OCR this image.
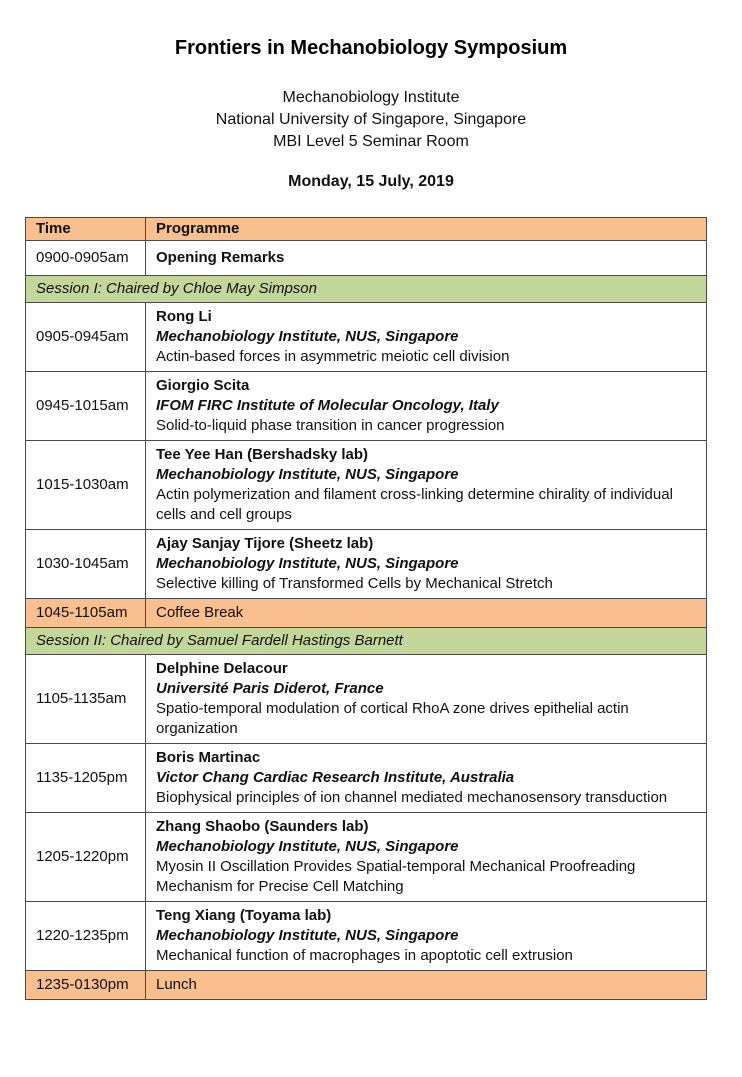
Frontiers in Mechanobiology Symposium
Mechanobiology Institute
National University of Singapore, Singapore
MBI Level 5 Seminar Room
Monday, 15 July, 2019
Time	Programme
0900-0905am	Opening Remarks
Session I: Chaired by Chloe May Simpson	
0905-0945am	Rong Li
Mechanobiology Institute, NUS, Singapore
Actin-based forces in asymmetric meiotic cell division

0945-1015am	Giorgio Scita
IFOM FIRC Institute of Molecular Oncology, Italy
Solid-to-liquid phase transition in cancer progression

1015-1030am	Tee Yee Han (Bershadsky lab)
Mechanobiology Institute, NUS, Singapore
Actin polymerization and filament cross-linking determine chirality of individual cells and cell groups

1030-1045am	Ajay Sanjay Tijore (Sheetz lab)
Mechanobiology Institute, NUS, Singapore
Selective killing of Transformed Cells by Mechanical Stretch

1045-1105am	Coffee Break
Session II: Chaired by Samuel Fardell Hastings Barnett	
1105-1135am	Delphine Delacour
Université Paris Diderot, France
Spatio-temporal modulation of cortical RhoA zone drives epithelial actin organization

1135-1205pm	Boris Martinac
Victor Chang Cardiac Research Institute, Australia
Biophysical principles of ion channel mediated mechanosensory transduction

1205-1220pm	Zhang Shaobo (Saunders lab)
Mechanobiology Institute, NUS, Singapore
Myosin II Oscillation Provides Spatial-temporal Mechanical Proofreading Mechanism for Precise Cell Matching

1220-1235pm	Teng Xiang (Toyama lab)
Mechanobiology Institute, NUS, Singapore
Mechanical function of macrophages in apoptotic cell extrusion

1235-0130pm	Lunch
